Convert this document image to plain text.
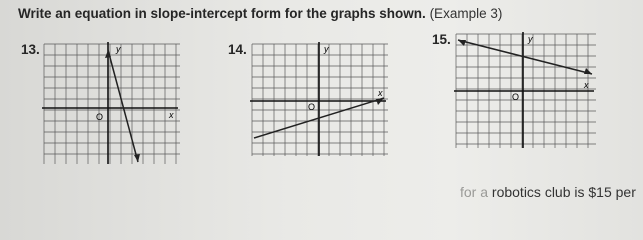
Write an equation in slope-intercept form for the graphs shown. (Example 3)

13.	y
x
O
14.	y
x
O
15.	y
x
O

for a robotics club is $15 per
